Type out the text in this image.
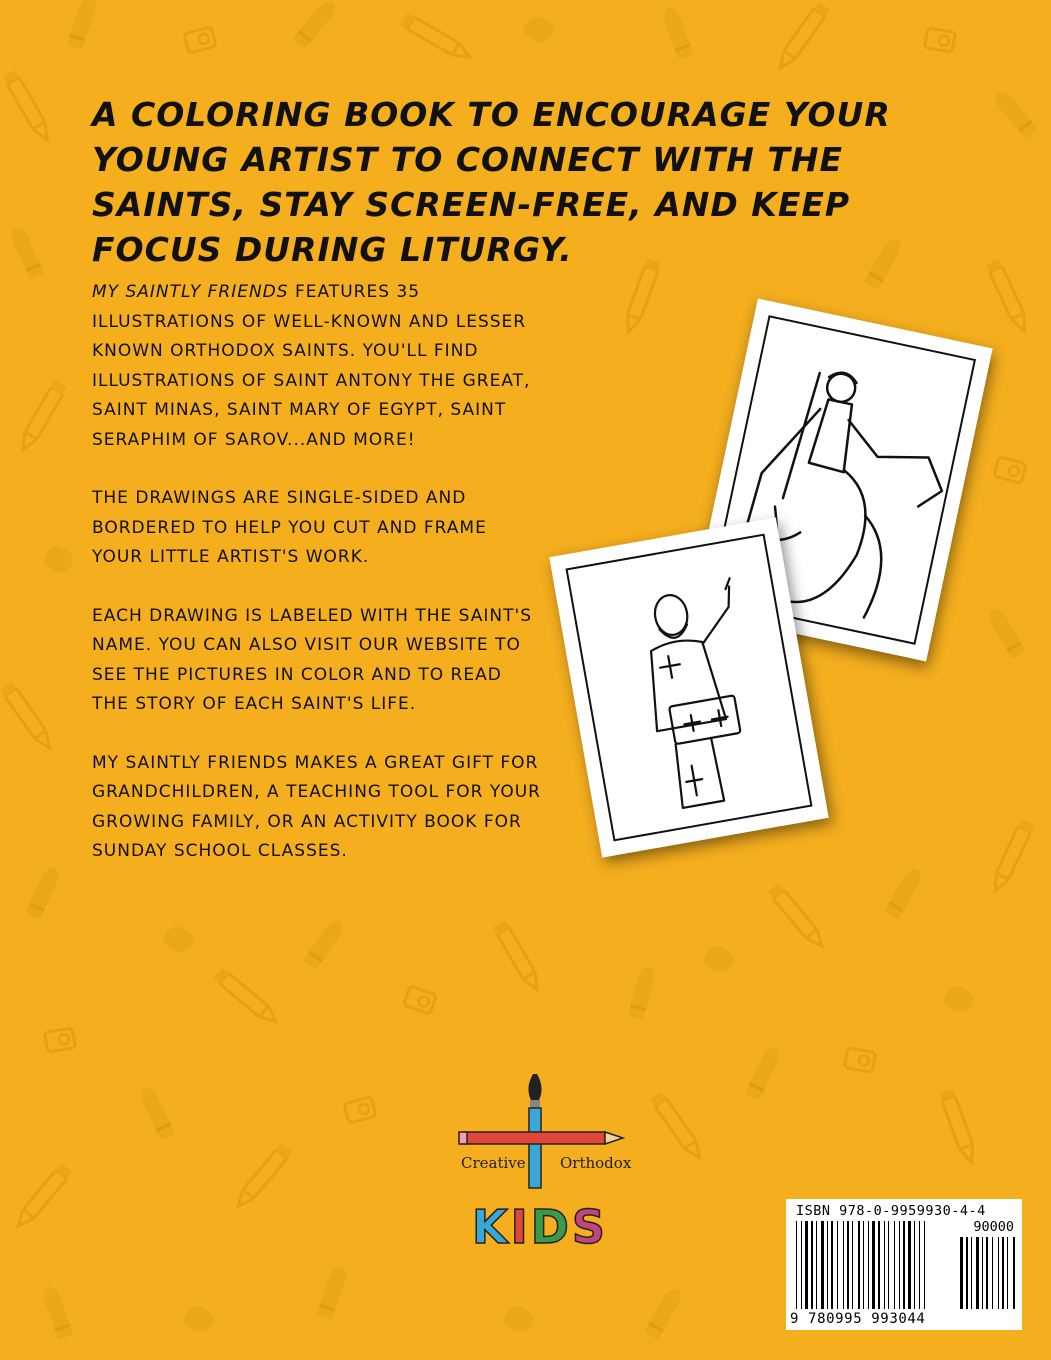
A COLORING BOOK TO ENCOURAGE YOUR YOUNG ARTIST TO CONNECT WITH THE SAINTS, STAY SCREEN-FREE, AND KEEP FOCUS DURING LITURGY.

MY SAINTLY FRIENDS FEATURES 35 ILLUSTRATIONS OF WELL-KNOWN AND LESSER KNOWN ORTHODOX SAINTS. YOU'LL FIND ILLUSTRATIONS OF SAINT ANTONY THE GREAT, SAINT MINAS, SAINT MARY OF EGYPT, SAINT SERAPHIM OF SAROV...AND MORE!

THE DRAWINGS ARE SINGLE-SIDED AND BORDERED TO HELP YOU CUT AND FRAME YOUR LITTLE ARTIST'S WORK.

EACH DRAWING IS LABELED WITH THE SAINT'S NAME. YOU CAN ALSO VISIT OUR WEBSITE TO SEE THE PICTURES IN COLOR AND TO READ THE STORY OF EACH SAINT'S LIFE.

MY SAINTLY FRIENDS MAKES A GREAT GIFT FOR GRANDCHILDREN, A TEACHING TOOL FOR YOUR GROWING FAMILY, OR AN ACTIVITY BOOK FOR SUNDAY SCHOOL CLASSES.

Creative Orthodox
KIDS	ISBN 978-0-9959930-4-4
90000
9 780995 993044
